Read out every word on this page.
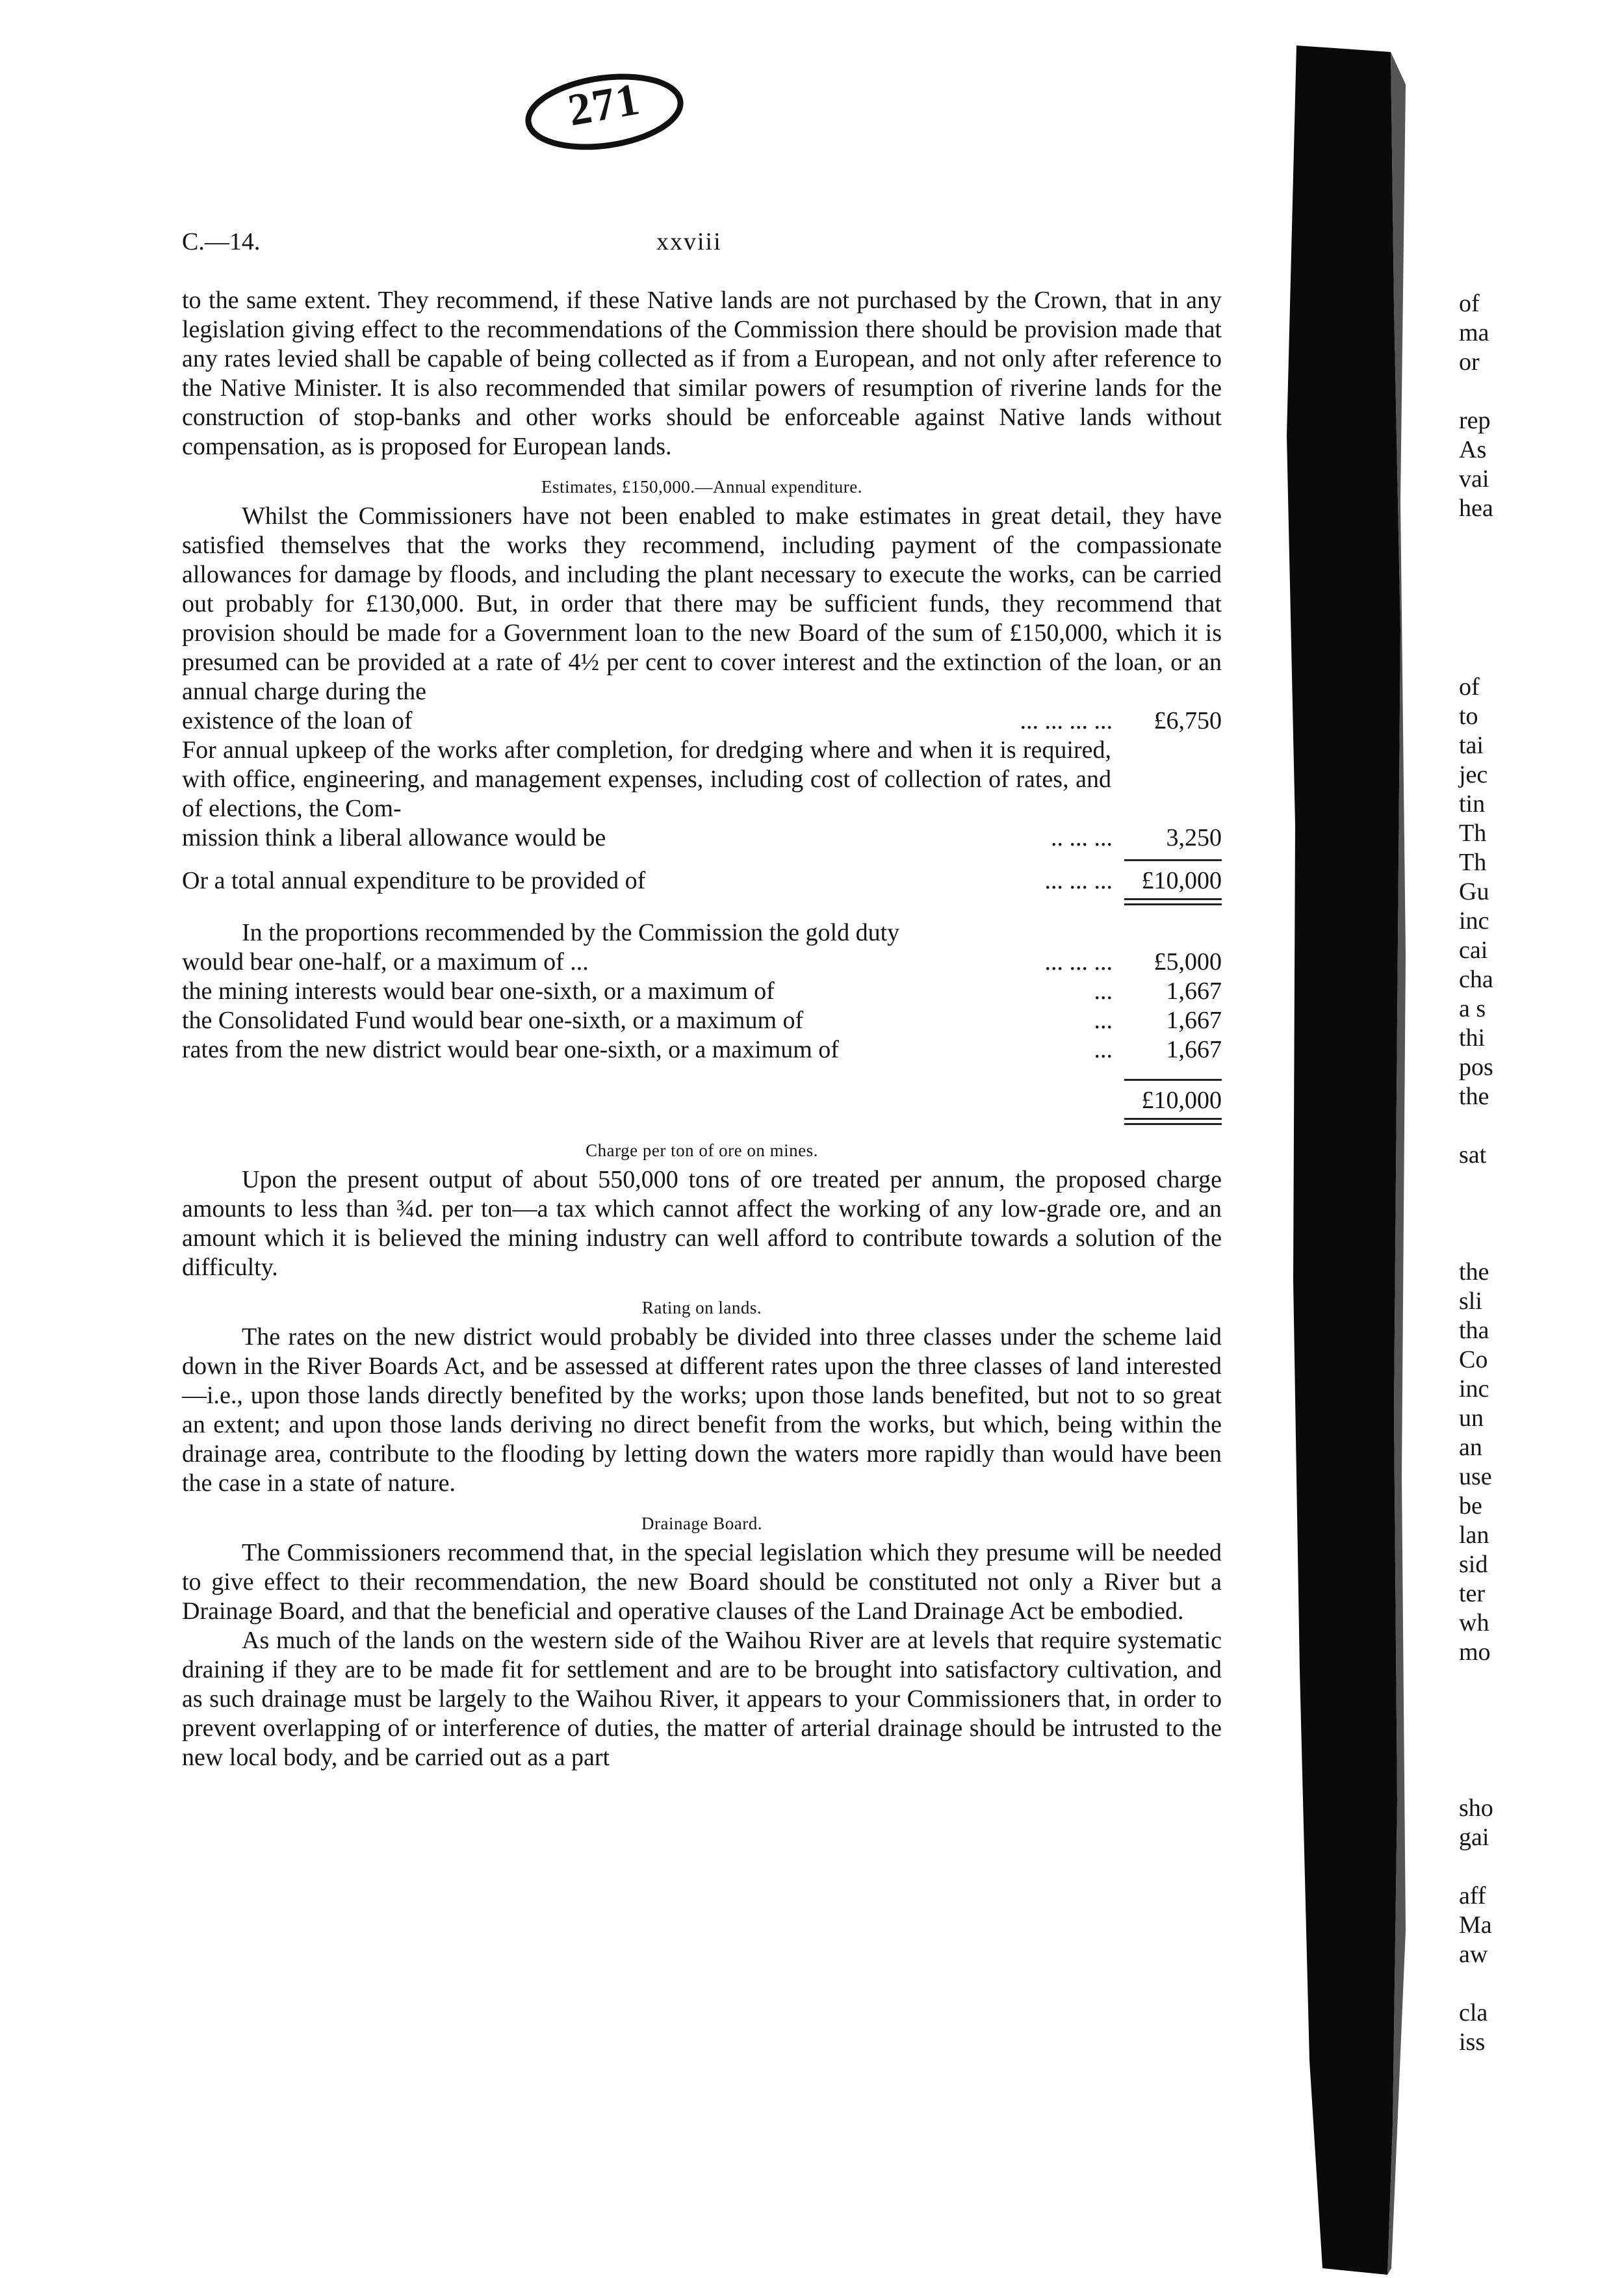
271
C.—14.	xxviii

to the same extent. They recommend, if these Native lands are not purchased by the Crown, that in any legislation giving effect to the recommendations of the Commission there should be provision made that any rates levied shall be capable of being collected as if from a European, and not only after reference to the Native Minister. It is also recommended that similar powers of resumption of riverine lands for the construction of stop-banks and other works should be enforceable against Native lands without compensation, as is proposed for European lands.

Estimates, £150,000.—Annual expenditure.

Whilst the Commissioners have not been enabled to make estimates in great detail, they have satisfied themselves that the works they recommend, including payment of the compassionate allowances for damage by floods, and including the plant necessary to execute the works, can be carried out probably for £130,000. But, in order that there may be sufficient funds, they recommend that provision should be made for a Government loan to the new Board of the sum of £150,000, which it is presumed can be provided at a rate of 4½ per cent to cover interest and the extinction of the loan, or an annual charge during the

existence of the loan of	... ... ... ...	£6,750

For annual upkeep of the works after completion, for dredging where and when it is required, with office, engineering, and management expenses, including cost of collection of rates, and of elections, the Com-

mission think a liberal allowance would be	.. ... ...	3,250
Or a total annual expenditure to be provided of	... ... ...	£10,000

In the proportions recommended by the Commission the gold duty

would bear one-half, or a maximum of ...	... ... ...	£5,000
the mining interests would bear one-sixth, or a maximum of	...	1,667
the Consolidated Fund would bear one-sixth, or a maximum of	...	1,667
rates from the new district would bear one-sixth, or a maximum of	...	1,667
£10,000
Charge per ton of ore on mines.

Upon the present output of about 550,000 tons of ore treated per annum, the proposed charge amounts to less than ¾d. per ton—a tax which cannot affect the working of any low-grade ore, and an amount which it is believed the mining industry can well afford to contribute towards a solution of the difficulty.

Rating on lands.

The rates on the new district would probably be divided into three classes under the scheme laid down in the River Boards Act, and be assessed at different rates upon the three classes of land interested—i.e., upon those lands directly benefited by the works; upon those lands benefited, but not to so great an extent; and upon those lands deriving no direct benefit from the works, but which, being within the drainage area, contribute to the flooding by letting down the waters more rapidly than would have been the case in a state of nature.

Drainage Board.

The Commissioners recommend that, in the special legislation which they presume will be needed to give effect to their recommendation, the new Board should be constituted not only a River but a Drainage Board, and that the beneficial and operative clauses of the Land Drainage Act be embodied.

As much of the lands on the western side of the Waihou River are at levels that require systematic draining if they are to be made fit for settlement and are to be brought into satisfactory cultivation, and as such drainage must be largely to the Waihou River, it appears to your Commissioners that, in order to prevent overlapping of or interference of duties, the matter of arterial drainage should be intrusted to the new local body, and be carried out as a part

of
ma
or
rep
As
vai
hea
of
to
tai
jec
tin
Th
Th
Gu
inc
cai
cha
a s
thi
pos
the
sat
the
sli
tha
Co
inc
un
an
use
be
lan
sid
ter
wh
mo
sho
gai
aff
Ma
aw
cla
iss
